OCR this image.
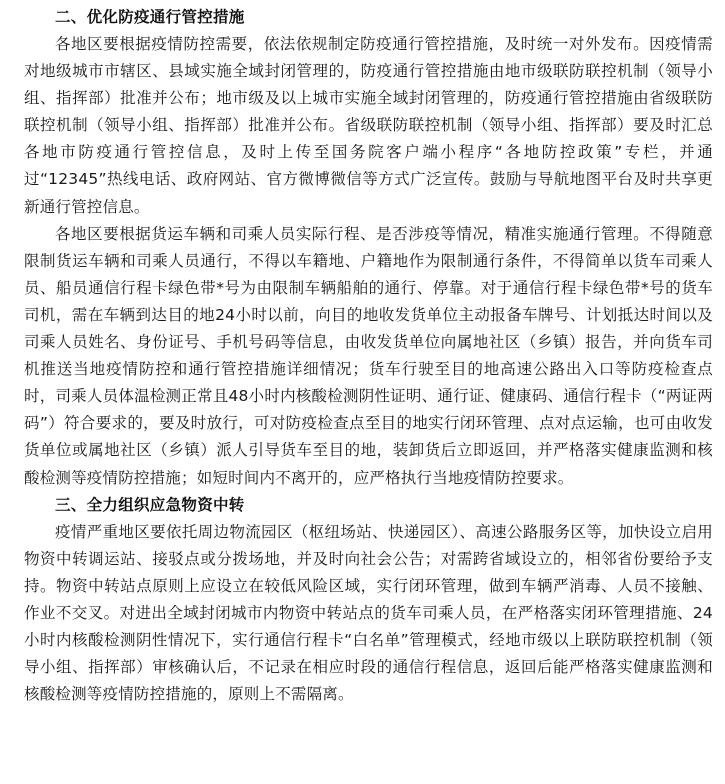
二、优化防疫通行管控措施

各地区要根据疫情防控需要，依法依规制定防疫通行管控措施，及时统一对外发布。因疫情需对地级城市市辖区、县域实施全域封闭管理的，防疫通行管控措施由地市级联防联控机制（领导小组、指挥部）批准并公布；地市级及以上城市实施全域封闭管理的，防疫通行管控措施由省级联防联控机制（领导小组、指挥部）批准并公布。省级联防联控机制（领导小组、指挥部）要及时汇总各地市防疫通行管控信息，及时上传至国务院客户端小程序“各地防控政策”专栏，并通过“12345”热线电话、政府网站、官方微博微信等方式广泛宣传。鼓励与导航地图平台及时共享更新通行管控信息。

各地区要根据货运车辆和司乘人员实际行程、是否涉疫等情况，精准实施通行管理。不得随意限制货运车辆和司乘人员通行，不得以车籍地、户籍地作为限制通行条件，不得简单以货车司乘人员、船员通信行程卡绿色带*号为由限制车辆船舶的通行、停靠。对于通信行程卡绿色带*号的货车司机，需在车辆到达目的地24小时以前，向目的地收发货单位主动报备车牌号、计划抵达时间以及司乘人员姓名、身份证号、手机号码等信息，由收发货单位向属地社区（乡镇）报告，并向货车司机推送当地疫情防控和通行管控措施详细情况；货车行驶至目的地高速公路出入口等防疫检查点时，司乘人员体温检测正常且48小时内核酸检测阴性证明、通行证、健康码、通信行程卡（“两证两码”）符合要求的，要及时放行，可对防疫检查点至目的地实行闭环管理、点对点运输，也可由收发货单位或属地社区（乡镇）派人引导货车至目的地，装卸货后立即返回，并严格落实健康监测和核酸检测等疫情防控措施；如短时间内不离开的，应严格执行当地疫情防控要求。

三、全力组织应急物资中转

疫情严重地区要依托周边物流园区（枢纽场站、快递园区）、高速公路服务区等，加快设立启用物资中转调运站、接驳点或分拨场地，并及时向社会公告；对需跨省域设立的，相邻省份要给予支持。物资中转站点原则上应设立在较低风险区域，实行闭环管理，做到车辆严消毒、人员不接触、作业不交叉。对进出全域封闭城市内物资中转站点的货车司乘人员，在严格落实闭环管理措施、24小时内核酸检测阴性情况下，实行通信行程卡“白名单”管理模式，经地市级以上联防联控机制（领导小组、指挥部）审核确认后，不记录在相应时段的通信行程信息，返回后能严格落实健康监测和核酸检测等疫情防控措施的，原则上不需隔离。
